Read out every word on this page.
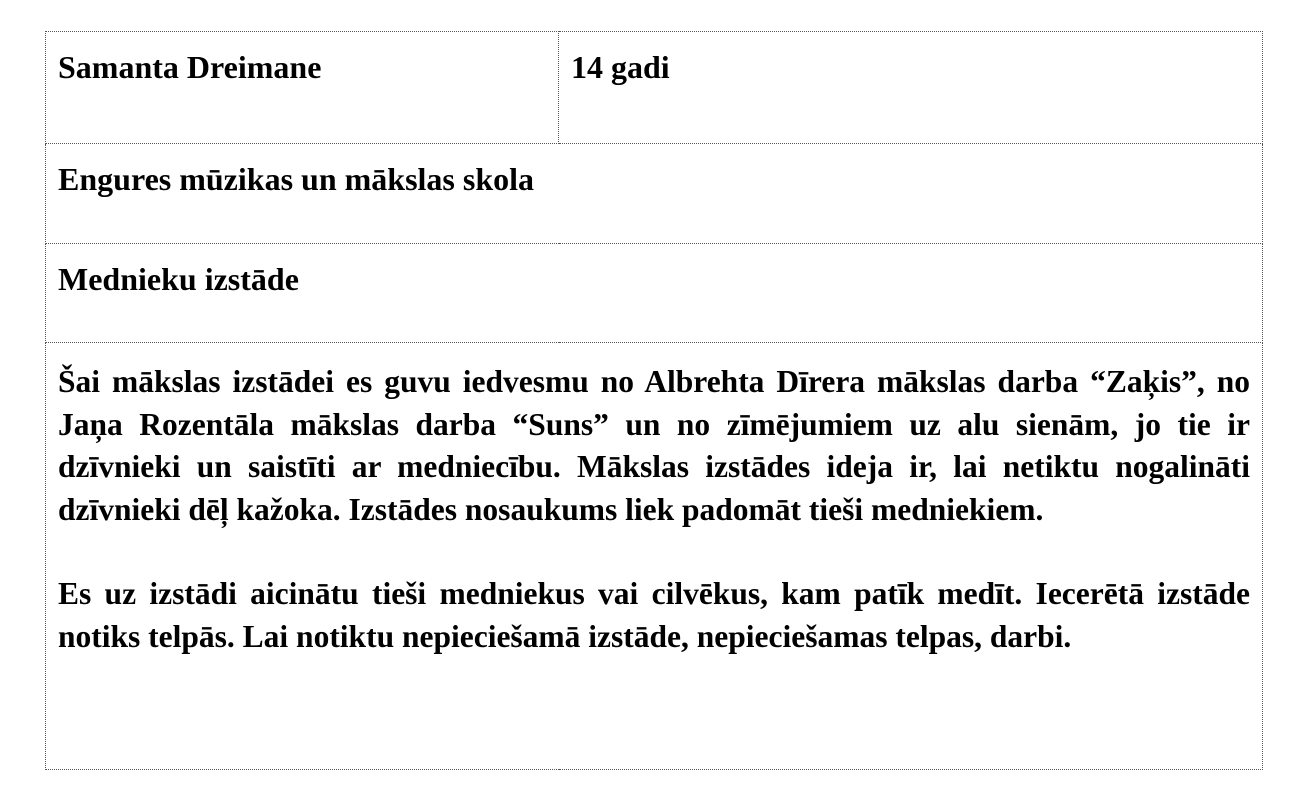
Samanta Dreimane	14 gadi
Engures mūzikas un mākslas skola
Mednieku izstāde

Šai mākslas izstādei es guvu iedvesmu no Albrehta Dīrera mākslas darba “Zaķis”, no Jaņa Rozentāla mākslas darba “Suns” un no zīmējumiem uz alu sienām, jo tie ir dzīvnieki un saistīti ar medniecību. Mākslas izstādes ideja ir, lai netiktu nogalināti dzīvnieki dēļ kažoka. Izstādes nosaukums liek padomāt tieši medniekiem.

Es uz izstādi aicinātu tieši medniekus vai cilvēkus, kam patīk medīt. Iecerētā izstāde notiks telpās. Lai notiktu nepieciešamā izstāde, nepieciešamas telpas, darbi.
